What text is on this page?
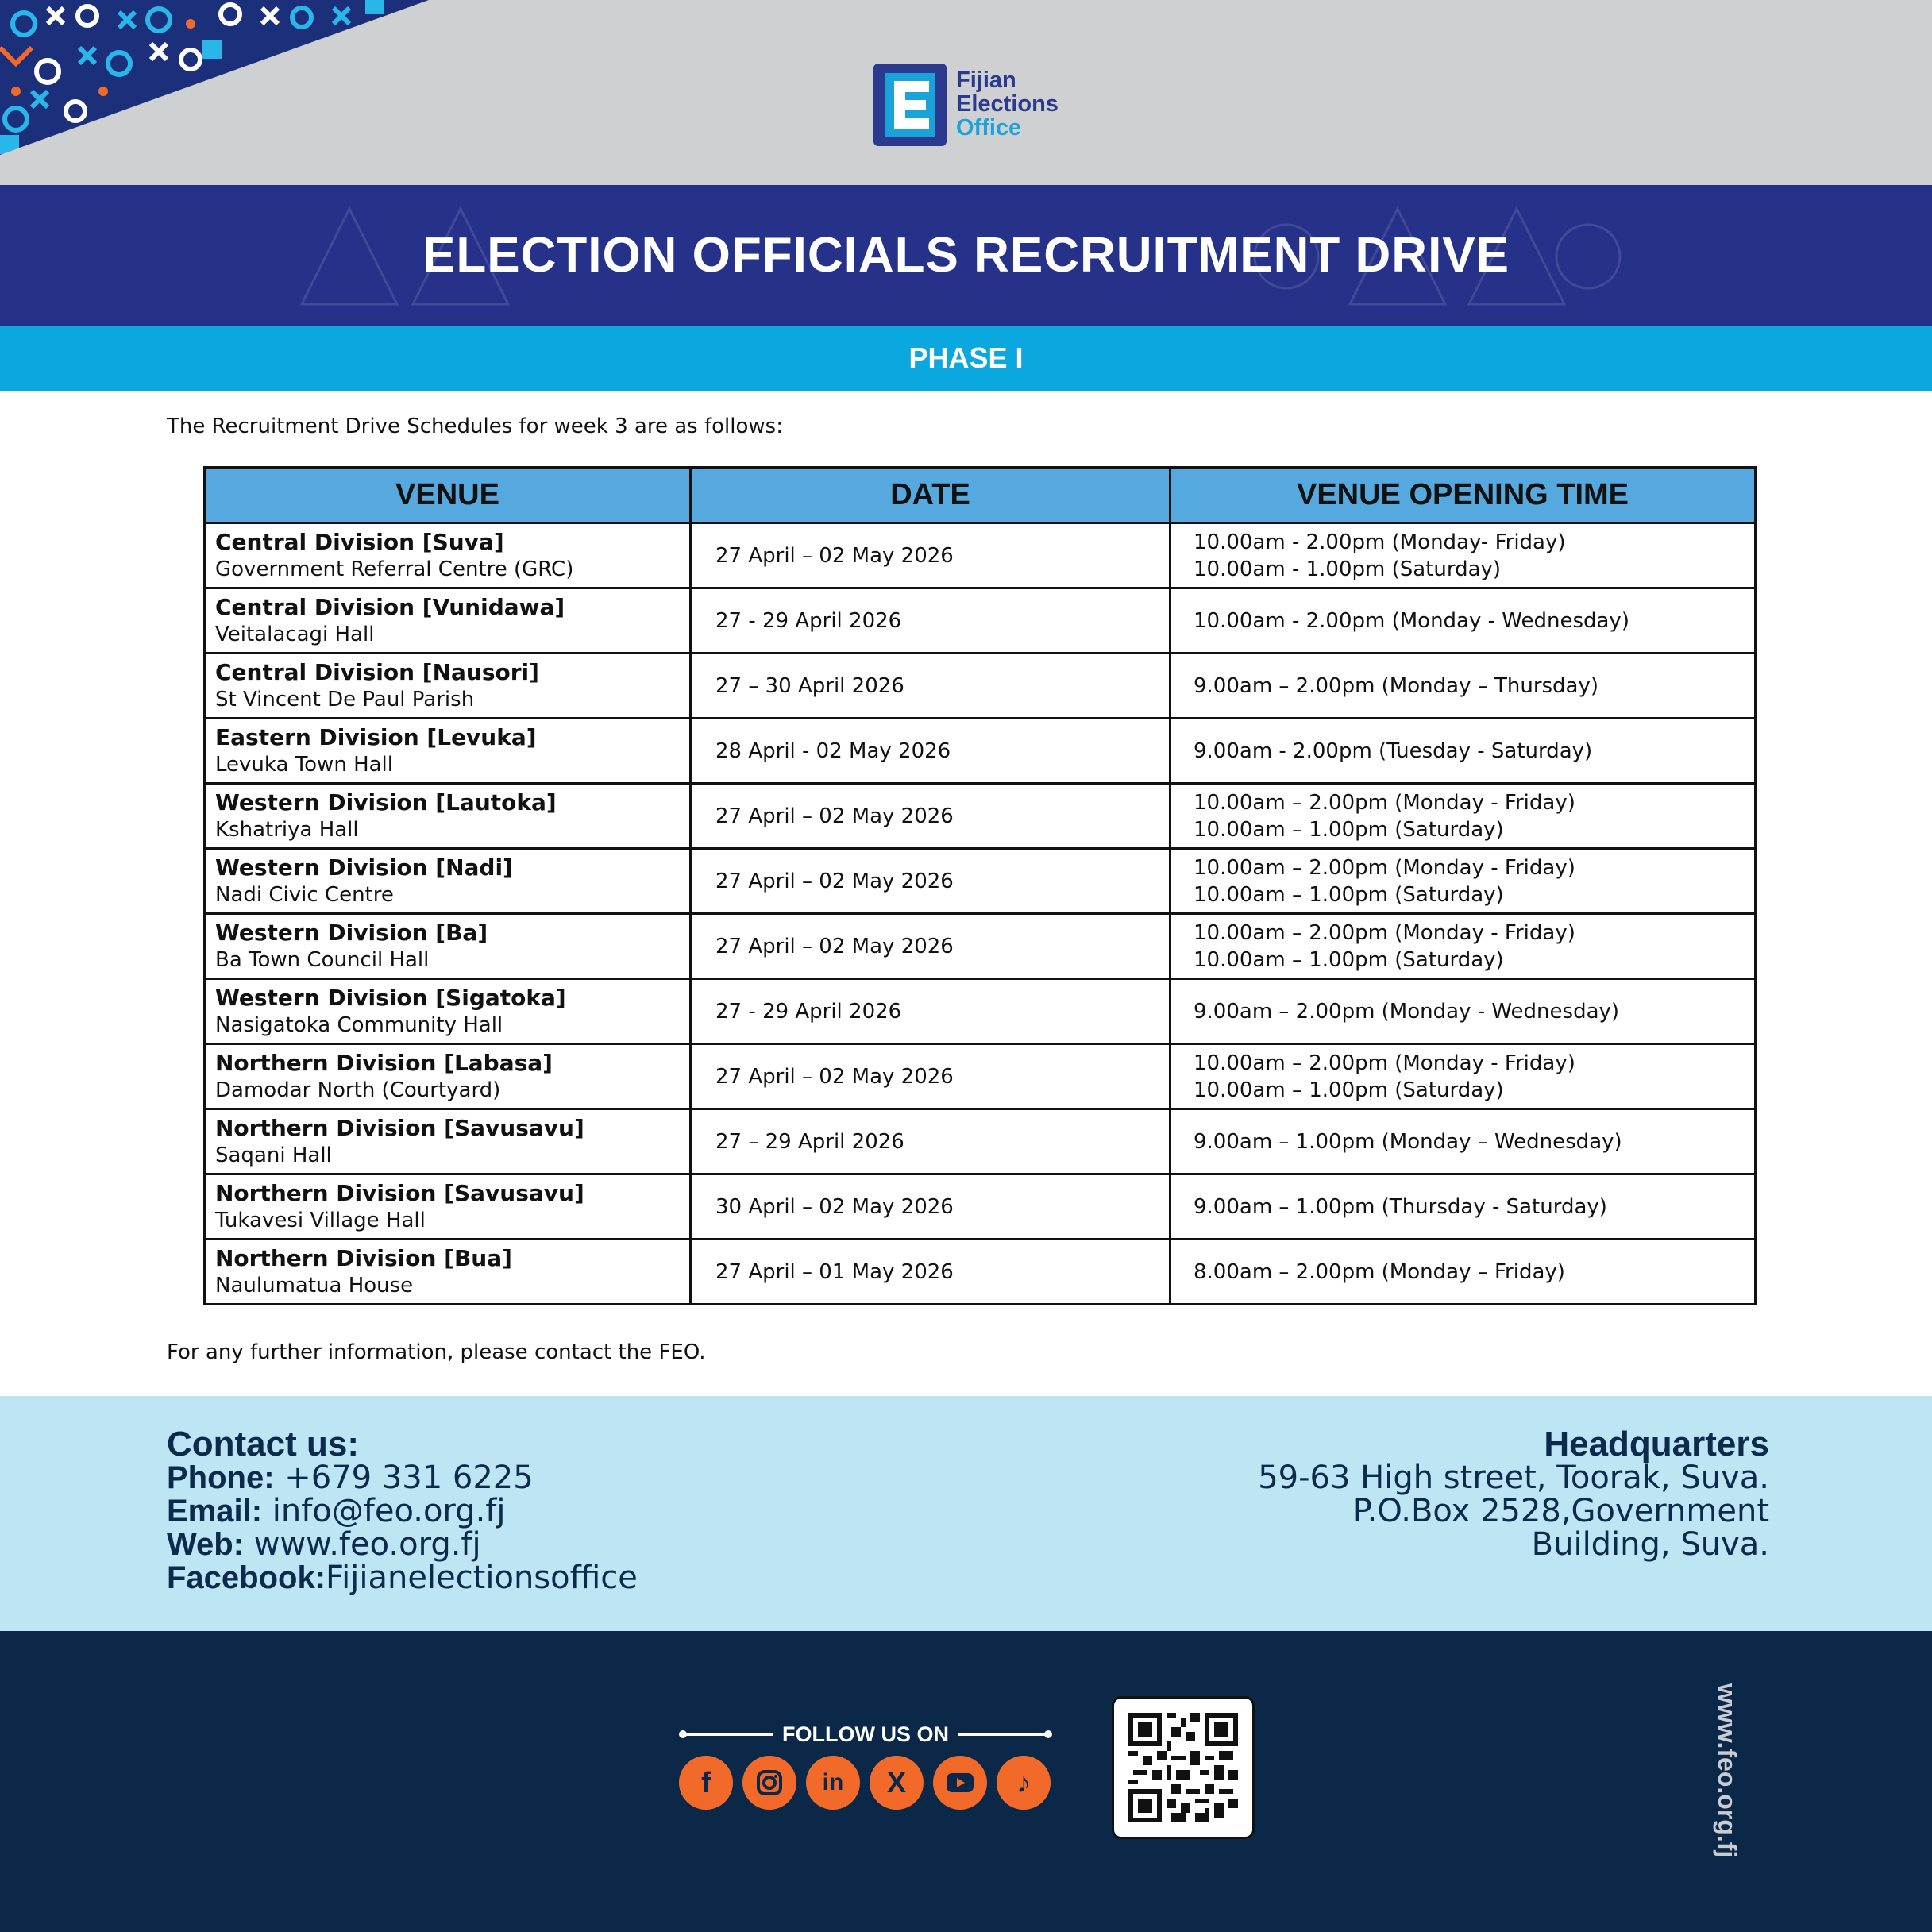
Fijian
Elections
Office
ELECTION OFFICIALS RECRUITMENT DRIVE
PHASE I
The Recruitment Drive Schedules for week 3 are as follows:
VENUE	DATE	VENUE OPENING TIME

Central Division [Suva]
Government Referral Centre (GRC)	27 April – 02 May 2026	10.00am - 2.00pm (Monday- Friday)
10.00am - 1.00pm (Saturday)

Central Division [Vunidawa]
Veitalacagi Hall	27 - 29 April 2026	10.00am - 2.00pm (Monday - Wednesday)

Central Division [Nausori]
St Vincent De Paul Parish	27 – 30 April 2026	9.00am – 2.00pm (Monday – Thursday)

Eastern Division [Levuka]
Levuka Town Hall	28 April - 02 May 2026	9.00am - 2.00pm (Tuesday - Saturday)

Western Division [Lautoka]
Kshatriya Hall	27 April – 02 May 2026	10.00am – 2.00pm (Monday - Friday)
10.00am – 1.00pm (Saturday)

Western Division [Nadi]
Nadi Civic Centre	27 April – 02 May 2026	10.00am – 2.00pm (Monday - Friday)
10.00am – 1.00pm (Saturday)

Western Division [Ba]
Ba Town Council Hall	27 April – 02 May 2026	10.00am – 2.00pm (Monday - Friday)
10.00am – 1.00pm (Saturday)

Western Division [Sigatoka]
Nasigatoka Community Hall	27 - 29 April 2026	9.00am – 2.00pm (Monday - Wednesday)

Northern Division [Labasa]
Damodar North (Courtyard)	27 April – 02 May 2026	10.00am – 2.00pm (Monday - Friday)
10.00am – 1.00pm (Saturday)

Northern Division [Savusavu]
Saqani Hall	27 – 29 April 2026	9.00am – 1.00pm (Monday – Wednesday)

Northern Division [Savusavu]
Tukavesi Village Hall	30 April – 02 May 2026	9.00am – 1.00pm (Thursday - Saturday)

Northern Division [Bua]
Naulumatua House	27 April – 01 May 2026	8.00am – 2.00pm (Monday – Friday)
For any further information, please contact the FEO.
Contact us:
Phone: +679 331 6225
Email: info@feo.org.fj
Web: www.feo.org.fj
Facebook:Fijianelectionsoffice
Headquarters
59-63 High street, Toorak, Suva.
P.O.Box 2528,Government
Building, Suva.
FOLLOW US ON
f	in	X	♪	www.feo.org.fj
